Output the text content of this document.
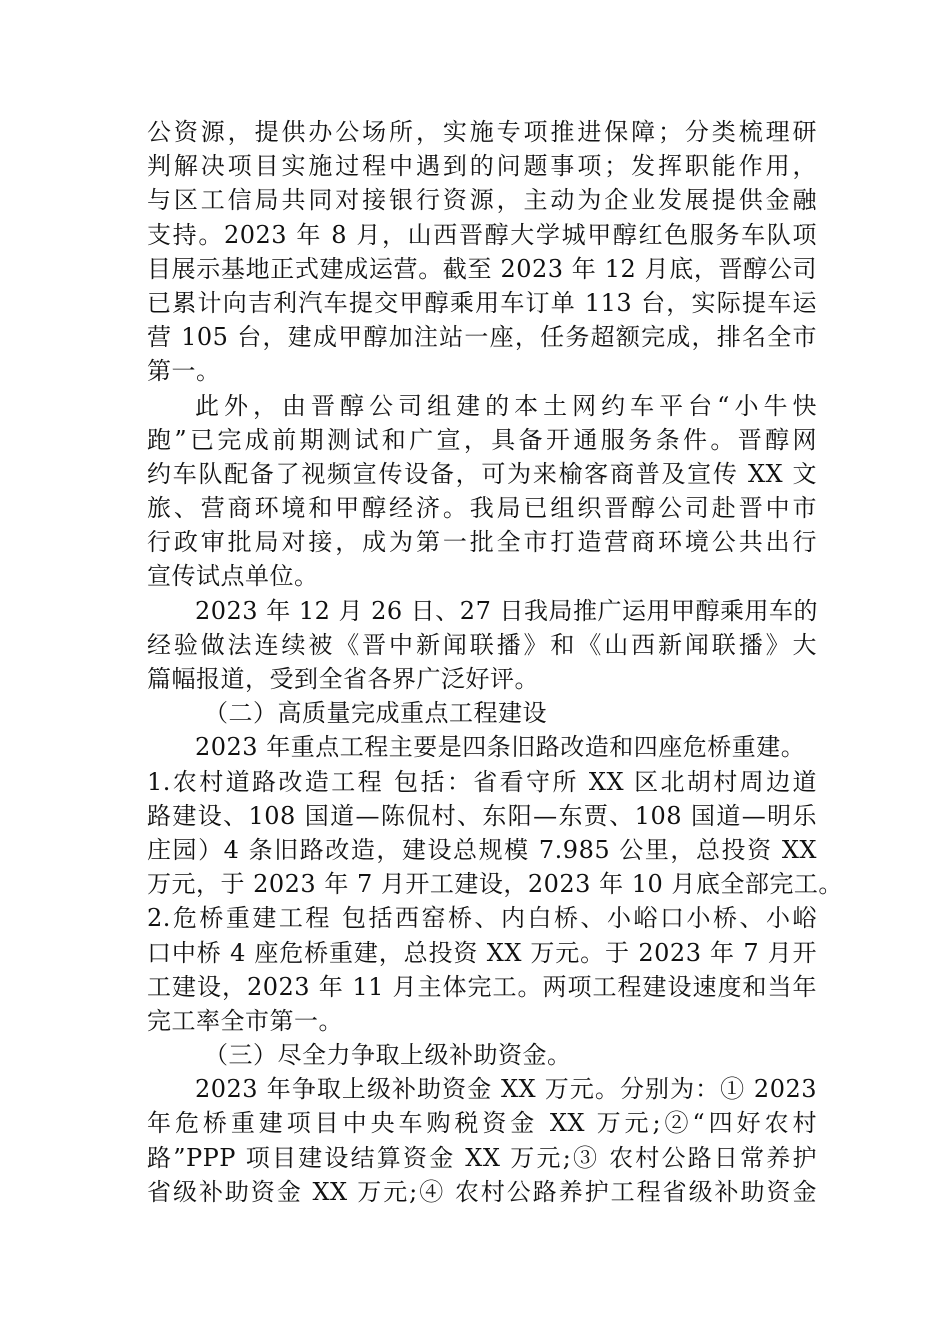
公资源，提供办公场所，实施专项推进保障；分类梳理研
判解决项目实施过程中遇到的问题事项；发挥职能作用，
与区工信局共同对接银行资源，主动为企业发展提供金融
支持。2023 年 8 月，山西晋醇大学城甲醇红色服务车队项
目展示基地正式建成运营。截至 2023 年 12 月底，晋醇公司
已累计向吉利汽车提交甲醇乘用车订单 113 台，实际提车运
营 105 台，建成甲醇加注站一座，任务超额完成，排名全市
第一。
此外，由晋醇公司组建的本土网约车平台“小牛快
跑”已完成前期测试和广宣，具备开通服务条件。晋醇网
约车队配备了视频宣传设备，可为来榆客商普及宣传 XX 文
旅、营商环境和甲醇经济。我局已组织晋醇公司赴晋中市
行政审批局对接，成为第一批全市打造营商环境公共出行
宣传试点单位。
2023 年 12 月 26 日、27 日我局推广运用甲醇乘用车的
经验做法连续被《晋中新闻联播》和《山西新闻联播》大
篇幅报道，受到全省各界广泛好评。
（二）高质量完成重点工程建设
2023 年重点工程主要是四条旧路改造和四座危桥重建。
1.农村道路改造工程 包括：省看守所 XX 区北胡村周边道
路建设、108 国道—陈侃村、东阳—东贾、108 国道—明乐
庄园）4 条旧路改造，建设总规模 7.985 公里，总投资 XX
万元，于 2023 年 7 月开工建设，2023 年 10 月底全部完工。
2.危桥重建工程 包括西窑桥、内白桥、小峪口小桥、小峪
口中桥 4 座危桥重建，总投资 XX 万元。于 2023 年 7 月开
工建设，2023 年 11 月主体完工。两项工程建设速度和当年
完工率全市第一。
（三）尽全力争取上级补助资金。
2023 年争取上级补助资金 XX 万元。分别为：① 2023
年危桥重建项目中央车购税资金 XX 万元;②“四好农村
路”PPP 项目建设结算资金 XX 万元;③ 农村公路日常养护
省级补助资金 XX 万元;④ 农村公路养护工程省级补助资金
